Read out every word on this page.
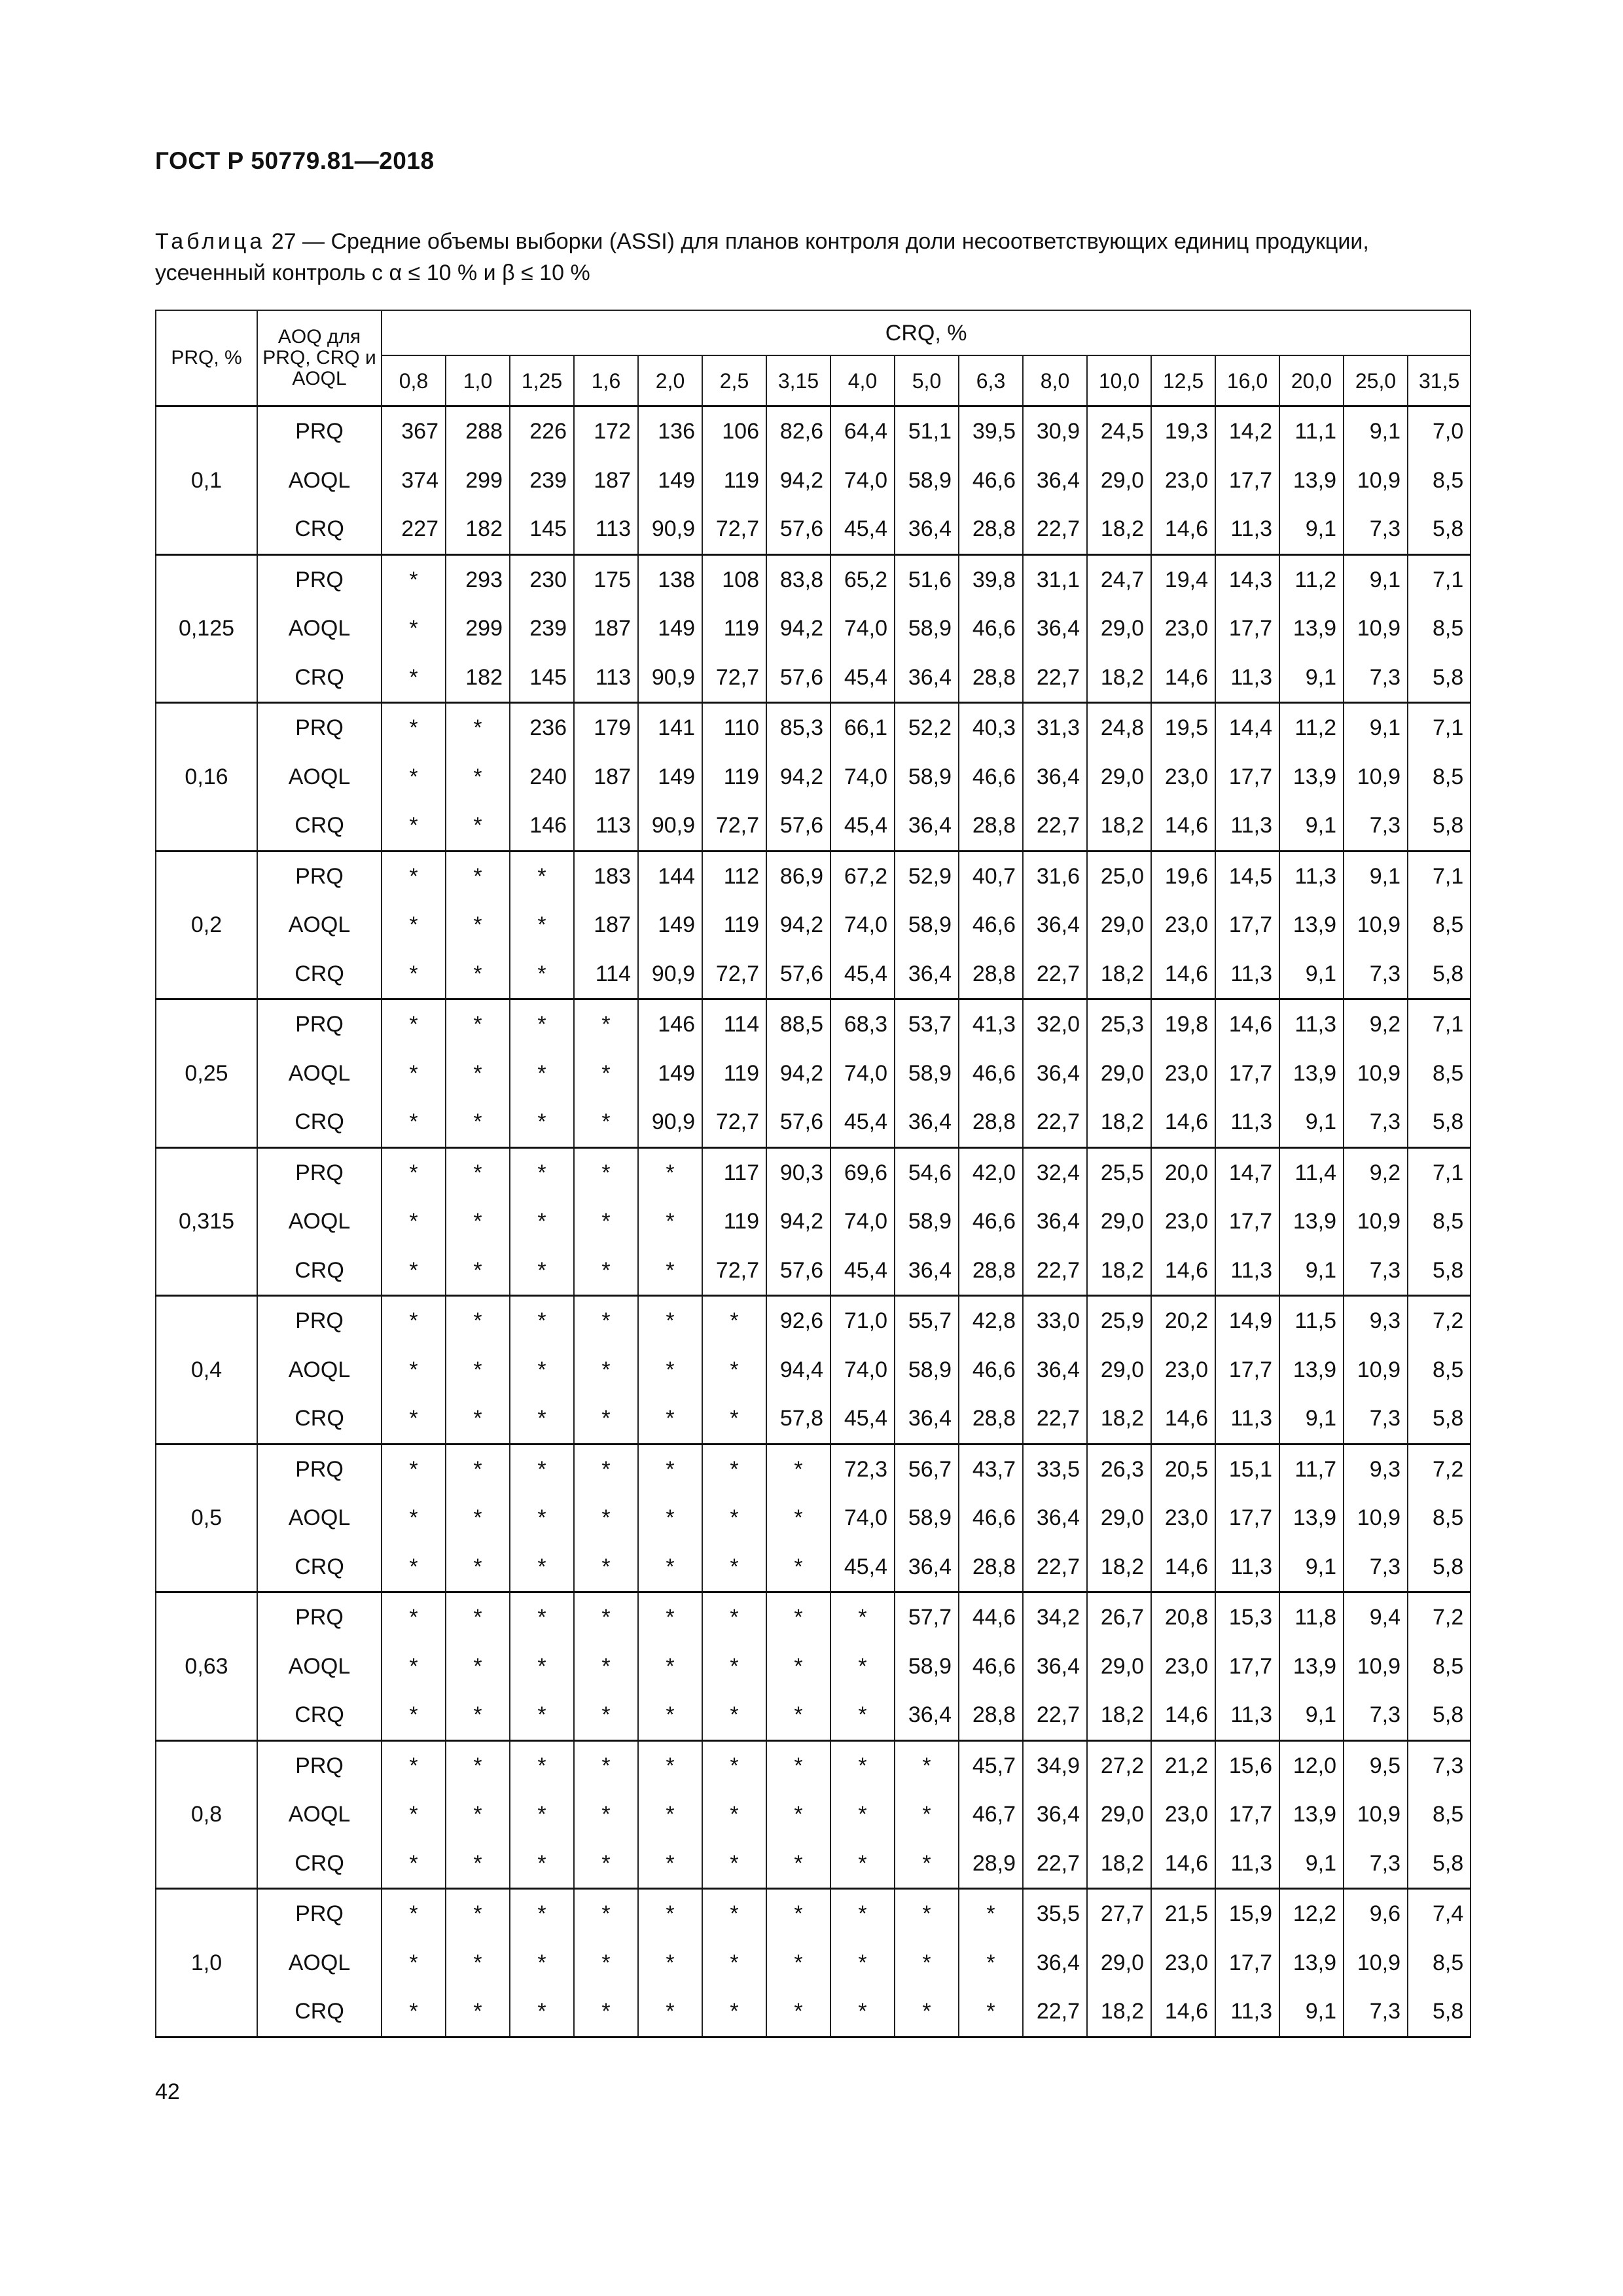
ГОСТ Р 50779.81—2018
Таблица 27 — Средние объемы выборки (ASSI) для планов контроля доли несоответствующих единиц продукции, усеченный контроль с α ≤ 10 % и β ≤ 10 %
PRQ, %	AOQ для PRQ, CRQ и AOQL	CRQ, %																
		0,8	1,0	1,25	1,6	2,0	2,5	3,15	4,0	5,0	6,3	8,0	10,0	12,5	16,0	20,0	25,0	31,5
0,1	PRQ	367	288	226	172	136	106	82,6	64,4	51,1	39,5	30,9	24,5	19,3	14,2	11,1	9,1	7,0
	AOQL	374	299	239	187	149	119	94,2	74,0	58,9	46,6	36,4	29,0	23,0	17,7	13,9	10,9	8,5
	CRQ	227	182	145	113	90,9	72,7	57,6	45,4	36,4	28,8	22,7	18,2	14,6	11,3	9,1	7,3	5,8
0,125	PRQ	*	293	230	175	138	108	83,8	65,2	51,6	39,8	31,1	24,7	19,4	14,3	11,2	9,1	7,1
	AOQL	*	299	239	187	149	119	94,2	74,0	58,9	46,6	36,4	29,0	23,0	17,7	13,9	10,9	8,5
	CRQ	*	182	145	113	90,9	72,7	57,6	45,4	36,4	28,8	22,7	18,2	14,6	11,3	9,1	7,3	5,8
0,16	PRQ	*	*	236	179	141	110	85,3	66,1	52,2	40,3	31,3	24,8	19,5	14,4	11,2	9,1	7,1
	AOQL	*	*	240	187	149	119	94,2	74,0	58,9	46,6	36,4	29,0	23,0	17,7	13,9	10,9	8,5
	CRQ	*	*	146	113	90,9	72,7	57,6	45,4	36,4	28,8	22,7	18,2	14,6	11,3	9,1	7,3	5,8
0,2	PRQ	*	*	*	183	144	112	86,9	67,2	52,9	40,7	31,6	25,0	19,6	14,5	11,3	9,1	7,1
	AOQL	*	*	*	187	149	119	94,2	74,0	58,9	46,6	36,4	29,0	23,0	17,7	13,9	10,9	8,5
	CRQ	*	*	*	114	90,9	72,7	57,6	45,4	36,4	28,8	22,7	18,2	14,6	11,3	9,1	7,3	5,8
0,25	PRQ	*	*	*	*	146	114	88,5	68,3	53,7	41,3	32,0	25,3	19,8	14,6	11,3	9,2	7,1
	AOQL	*	*	*	*	149	119	94,2	74,0	58,9	46,6	36,4	29,0	23,0	17,7	13,9	10,9	8,5
	CRQ	*	*	*	*	90,9	72,7	57,6	45,4	36,4	28,8	22,7	18,2	14,6	11,3	9,1	7,3	5,8
0,315	PRQ	*	*	*	*	*	117	90,3	69,6	54,6	42,0	32,4	25,5	20,0	14,7	11,4	9,2	7,1
	AOQL	*	*	*	*	*	119	94,2	74,0	58,9	46,6	36,4	29,0	23,0	17,7	13,9	10,9	8,5
	CRQ	*	*	*	*	*	72,7	57,6	45,4	36,4	28,8	22,7	18,2	14,6	11,3	9,1	7,3	5,8
0,4	PRQ	*	*	*	*	*	*	92,6	71,0	55,7	42,8	33,0	25,9	20,2	14,9	11,5	9,3	7,2
	AOQL	*	*	*	*	*	*	94,4	74,0	58,9	46,6	36,4	29,0	23,0	17,7	13,9	10,9	8,5
	CRQ	*	*	*	*	*	*	57,8	45,4	36,4	28,8	22,7	18,2	14,6	11,3	9,1	7,3	5,8
0,5	PRQ	*	*	*	*	*	*	*	72,3	56,7	43,7	33,5	26,3	20,5	15,1	11,7	9,3	7,2
	AOQL	*	*	*	*	*	*	*	74,0	58,9	46,6	36,4	29,0	23,0	17,7	13,9	10,9	8,5
	CRQ	*	*	*	*	*	*	*	45,4	36,4	28,8	22,7	18,2	14,6	11,3	9,1	7,3	5,8
0,63	PRQ	*	*	*	*	*	*	*	*	57,7	44,6	34,2	26,7	20,8	15,3	11,8	9,4	7,2
	AOQL	*	*	*	*	*	*	*	*	58,9	46,6	36,4	29,0	23,0	17,7	13,9	10,9	8,5
	CRQ	*	*	*	*	*	*	*	*	36,4	28,8	22,7	18,2	14,6	11,3	9,1	7,3	5,8
0,8	PRQ	*	*	*	*	*	*	*	*	*	45,7	34,9	27,2	21,2	15,6	12,0	9,5	7,3
	AOQL	*	*	*	*	*	*	*	*	*	46,7	36,4	29,0	23,0	17,7	13,9	10,9	8,5
	CRQ	*	*	*	*	*	*	*	*	*	28,9	22,7	18,2	14,6	11,3	9,1	7,3	5,8
1,0	PRQ	*	*	*	*	*	*	*	*	*	*	35,5	27,7	21,5	15,9	12,2	9,6	7,4
	AOQL	*	*	*	*	*	*	*	*	*	*	36,4	29,0	23,0	17,7	13,9	10,9	8,5
	CRQ	*	*	*	*	*	*	*	*	*	*	22,7	18,2	14,6	11,3	9,1	7,3	5,8
42
